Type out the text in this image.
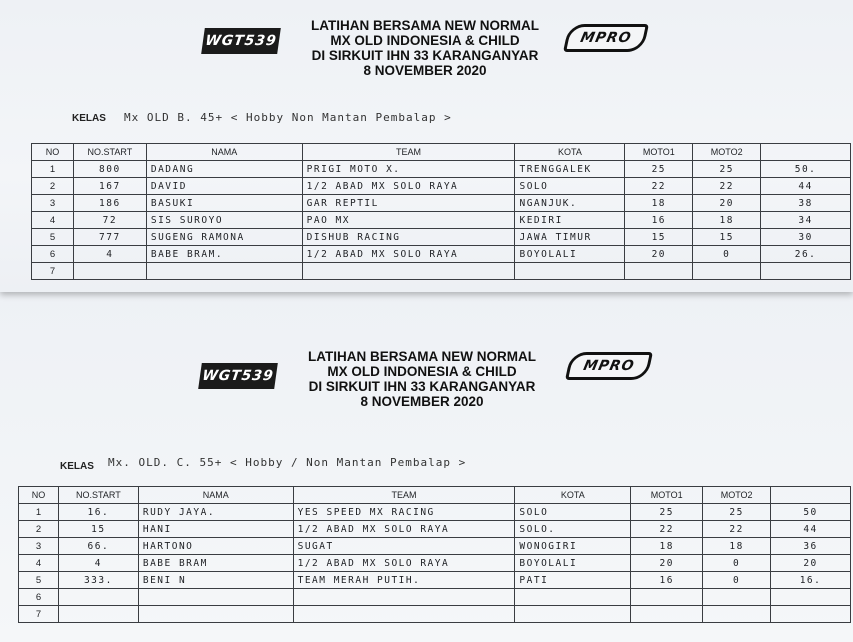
WGT539
LATIHAN BERSAMA NEW NORMAL
MX OLD INDONESIA & CHILD
DI SIRKUIT IHN 33 KARANGANYAR
8 NOVEMBER 2020
MPRO
KELAS Mx OLD B. 45+ < Hobby Non Mantan Pembalap >
NO	NO.START	NAMA	TEAM	KOTA	MOTO1	MOTO2	
1	800	DADANG	PRIGI MOTO X.	TRENGGALEK	25	25	50.
2	167	DAVID	1/2 ABAD MX SOLO RAYA	SOLO	22	22	44
3	186	BASUKI	GAR REPTIL	NGANJUK.	18	20	38
4	72	SIS SUROYO	PAO MX	KEDIRI	16	18	34
5	777	SUGENG RAMONA	DISHUB RACING	JAWA TIMUR	15	15	30
6	4	BABE BRAM.	1/2 ABAD MX SOLO RAYA	BOYOLALI	20	0	26.
7							
WGT539
LATIHAN BERSAMA NEW NORMAL
MX OLD INDONESIA & CHILD
DI SIRKUIT IHN 33 KARANGANYAR
8 NOVEMBER 2020
MPRO
KELAS Mx. OLD. C. 55+ < Hobby / Non Mantan Pembalap >
NO	NO.START	NAMA	TEAM	KOTA	MOTO1	MOTO2	
1	16.	RUDY JAYA.	YES SPEED MX RACING	SOLO	25	25	50
2	15	HANI	1/2 ABAD MX SOLO RAYA	SOLO.	22	22	44
3	66.	HARTONO	SUGAT	WONOGIRI	18	18	36
4	4	BABE BRAM	1/2 ABAD MX SOLO RAYA	BOYOLALI	20	0	20
5	333.	BENI N	TEAM MERAH PUTIH.	PATI	16	0	16.
6							
7							
